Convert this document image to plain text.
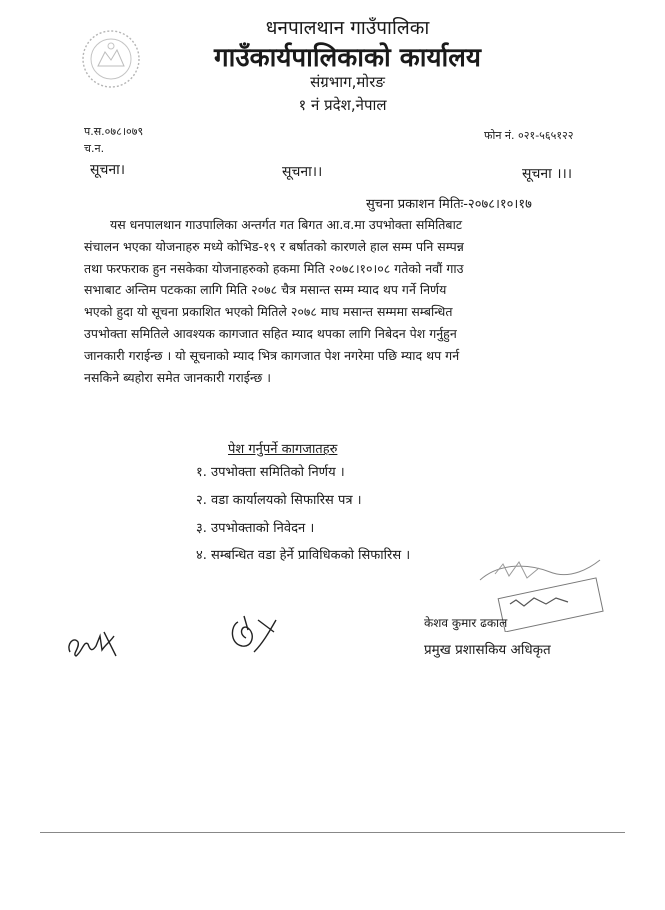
धनपालथान गाउँपालिका
गाउँकार्यपालिकाको कार्यालय
संग्रभाग,मोरङ
१ नं प्रदेश,नेपाल
प.स.०७८।०७९
च.न.
फोन नं. ०२१-५६५१२२
सूचना।	सूचना।।	सूचना ।।।
सुचना प्रकाशन मितिः-२०७८।१०।१७
यस धनपालथान गाउपालिका अन्तर्गत गत बिगत आ.व.मा उपभोक्ता समितिबाट
संचालन भएका योजनाहरु मध्ये कोभिड-१९ र बर्षातको कारणले हाल सम्म पनि सम्पन्न
तथा फरफराक हुन नसकेका योजनाहरुको हकमा मिति २०७८।१०।०८ गतेको नवौं गाउ
सभाबाट अन्तिम पटकका लागि मिति २०७८ चैत्र मसान्त सम्म म्याद थप गर्ने निर्णय
भएको हुदा यो सूचना प्रकाशित भएको मितिले २०७८ माघ मसान्त सम्ममा सम्बन्धित
उपभोक्ता समितिले आवश्यक कागजात सहित म्याद थपका लागि निबेदन पेश गर्नुहुन
जानकारी गराईन्छ । यो सूचनाको म्याद भित्र कागजात पेश नगरेमा पछि म्याद थप गर्न
नसकिने ब्यहोरा समेत जानकारी गराईन्छ ।
पेश गर्नुपर्ने कागजातहरु
१. उपभोक्ता समितिको निर्णय ।
२. वडा कार्यालयको सिफारिस पत्र ।
३. उपभोक्ताको निवेदन ।
४. सम्बन्धित वडा हेर्ने प्राविधिकको सिफारिस ।
केशव कुमार ढकाल
प्रमुख प्रशासकिय अधिकृत
